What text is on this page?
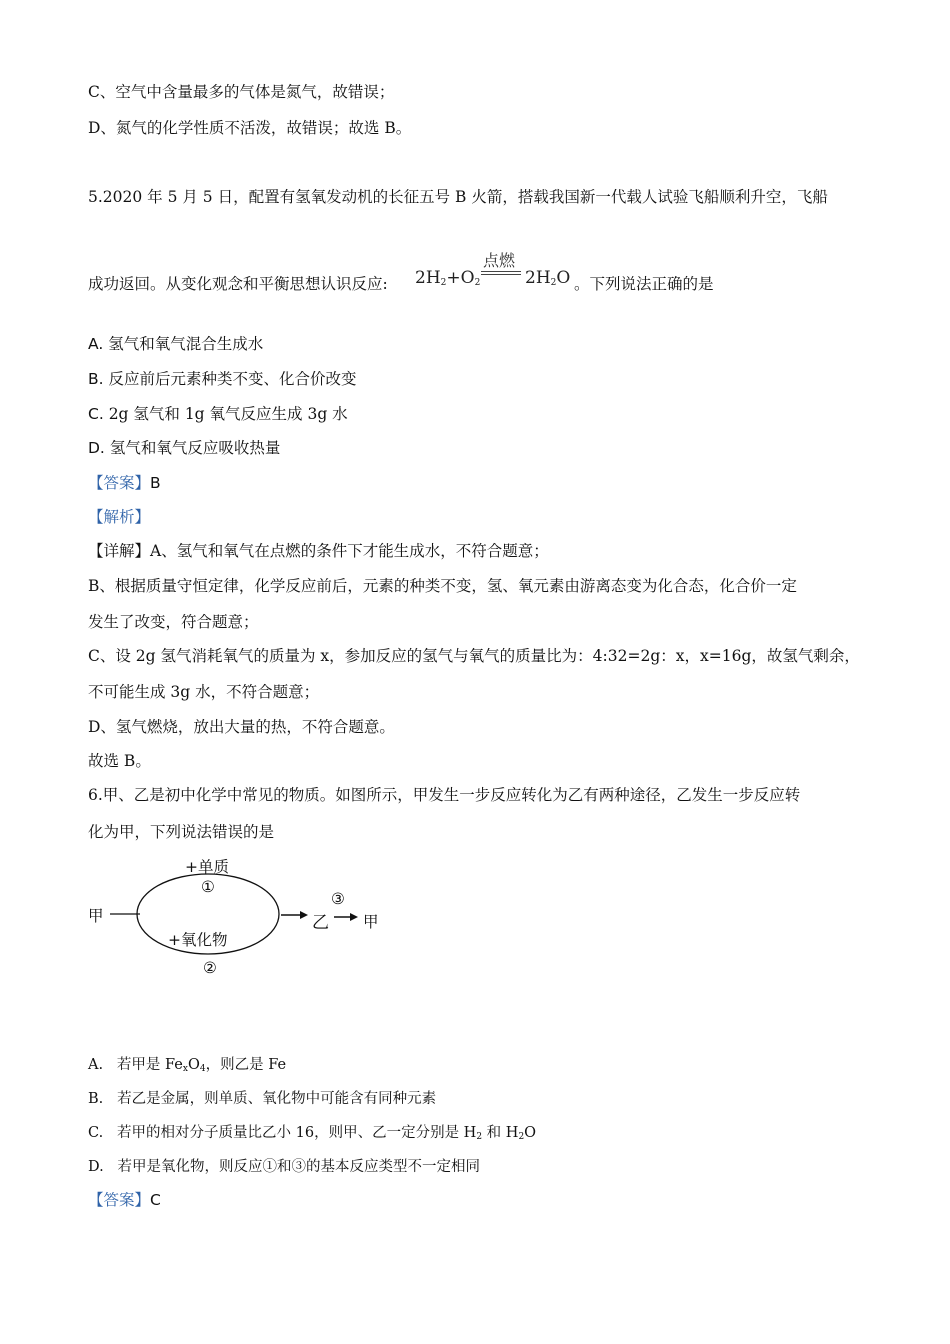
C、空气中含量最多的气体是氮气，故错误；
D、氮气的化学性质不活泼，故错误；故选 B。
5.2020 年 5 月 5 日，配置有氢氧发动机的长征五号 B 火箭，搭载我国新一代载人试验飞船顺利升空，飞船
成功返回。从变化观念和平衡思想认识反应: $2H_2+O_2$
点燃
$2H_2O$ 。下列说法正确的是
A. 氢气和氧气混合生成水
B. 反应前后元素种类不变、化合价改变
C. 2g 氢气和 1g 氧气反应生成 3g 水
D. 氢气和氧气反应吸收热量
【答案】B
【解析】
【详解】A、氢气和氧气在点燃的条件下才能生成水，不符合题意；
B、根据质量守恒定律，化学反应前后，元素的种类不变，氢、氧元素由游离态变为化合态，化合价一定
发生了改变，符合题意；
C、设 2g 氢气消耗氧气的质量为 x，参加反应的氢气与氧气的质量比为：4:32=2g：x，x=16g，故氢气剩余，
不可能生成 3g 水，不符合题意；
D、氢气燃烧，放出大量的热，不符合题意。
故选 B。
6.甲、乙是初中化学中常见的物质。如图所示，甲发生一步反应转化为乙有两种途径，乙发生一步反应转
化为甲，下列说法错误的是
甲
+单质
①
+氧化物
②
乙
③
甲
A. 若甲是 $Fe_xO_4$，则乙是 Fe
B. 若乙是金属，则单质、氧化物中可能含有同种元素
C. 若甲的相对分子质量比乙小 16，则甲、乙一定分别是 $H_2$ 和 $H_2O$
D. 若甲是氧化物，则反应①和③的基本反应类型不一定相同
【答案】C
